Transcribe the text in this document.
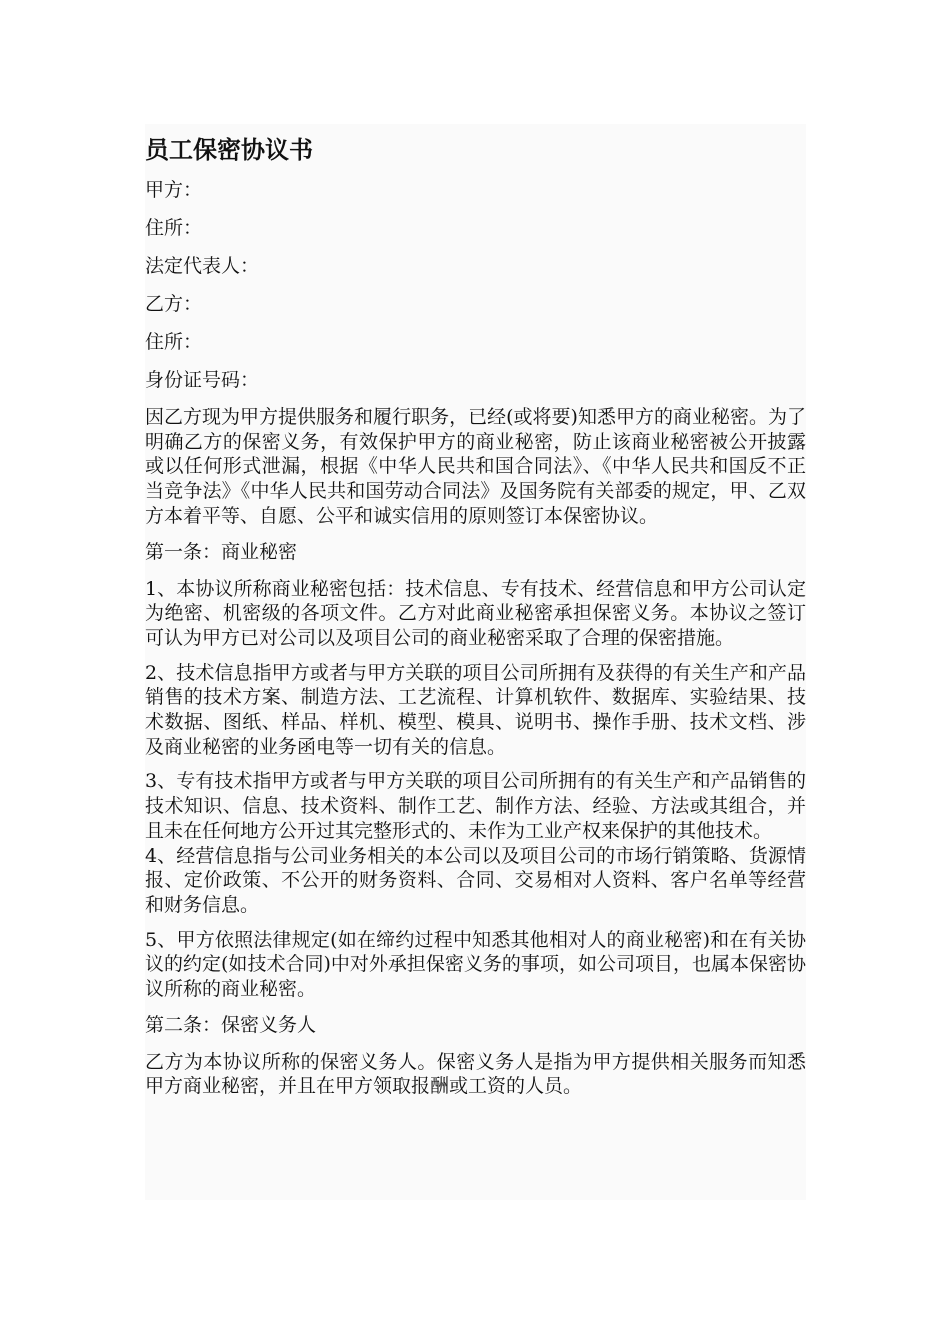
员工保密协议书
甲方：
住所：
法定代表人：
乙方：
住所：
身份证号码：

因乙方现为甲方提供服务和履行职务，已经(或将要)知悉甲方的商业秘密。为了明确乙方的保密义务，有效保护甲方的商业秘密，防止该商业秘密被公开披露或以任何形式泄漏，根据《中华人民共和国合同法》、《中华人民共和国反不正当竞争法》《中华人民共和国劳动合同法》及国务院有关部委的规定，甲、乙双方本着平等、自愿、公平和诚实信用的原则签订本保密协议。

第一条：商业秘密

1、本协议所称商业秘密包括：技术信息、专有技术、经营信息和甲方公司认定为绝密、机密级的各项文件。乙方对此商业秘密承担保密义务。本协议之签订可认为甲方已对公司以及项目公司的商业秘密采取了合理的保密措施。

2、技术信息指甲方或者与甲方关联的项目公司所拥有及获得的有关生产和产品销售的技术方案、制造方法、工艺流程、计算机软件、数据库、实验结果、技术数据、图纸、样品、样机、模型、模具、说明书、操作手册、技术文档、涉及商业秘密的业务函电等一切有关的信息。

3、专有技术指甲方或者与甲方关联的项目公司所拥有的有关生产和产品销售的技术知识、信息、技术资料、制作工艺、制作方法、经验、方法或其组合，并且未在任何地方公开过其完整形式的、未作为工业产权来保护的其他技术。

4、经营信息指与公司业务相关的本公司以及项目公司的市场行销策略、货源情报、定价政策、不公开的财务资料、合同、交易相对人资料、客户名单等经营和财务信息。

5、甲方依照法律规定(如在缔约过程中知悉其他相对人的商业秘密)和在有关协议的约定(如技术合同)中对外承担保密义务的事项，如公司项目，也属本保密协议所称的商业秘密。

第二条：保密义务人

乙方为本协议所称的保密义务人。保密义务人是指为甲方提供相关服务而知悉甲方商业秘密，并且在甲方领取报酬或工资的人员。
